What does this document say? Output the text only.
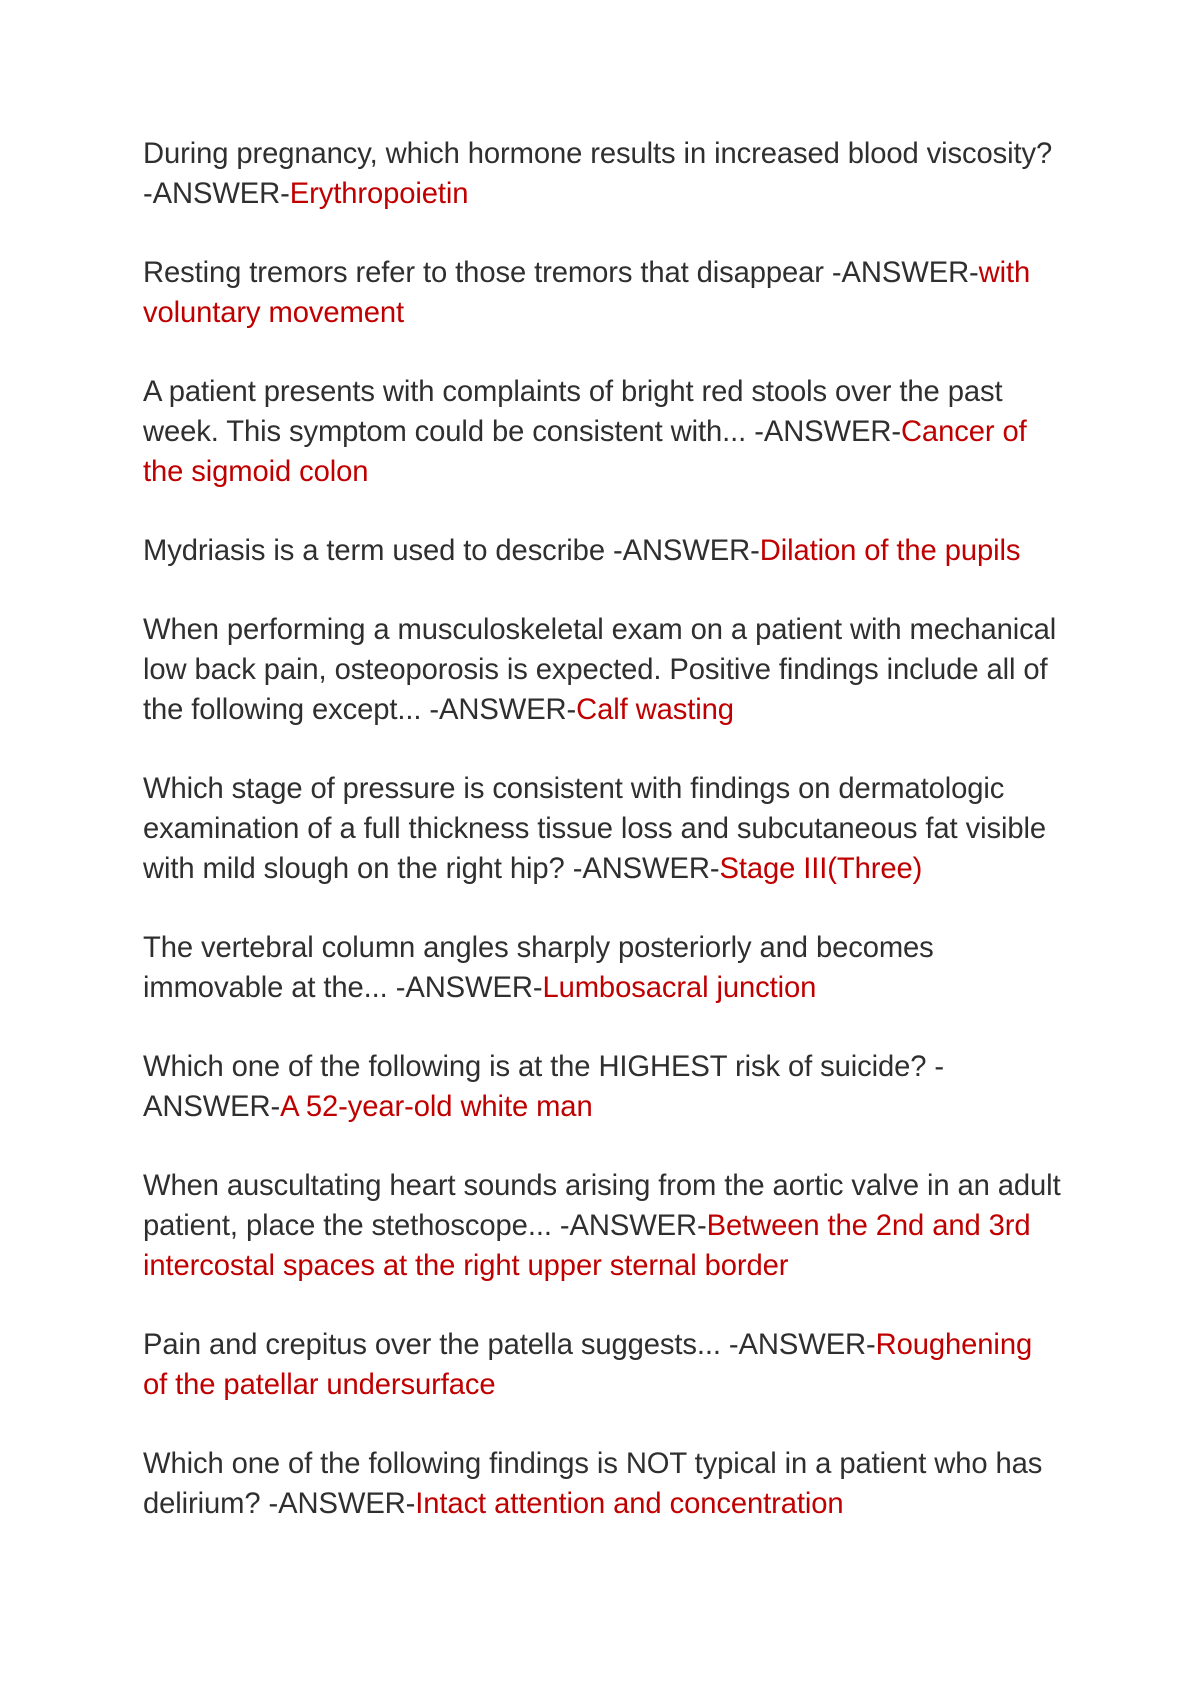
During pregnancy, which hormone results in increased blood viscosity? -ANSWER-Erythropoietin
Resting tremors refer to those tremors that disappear -ANSWER-with voluntary movement
A patient presents with complaints of bright red stools over the past week. This symptom could be consistent with... -ANSWER-Cancer of the sigmoid colon
Mydriasis is a term used to describe -ANSWER-Dilation of the pupils
When performing a musculoskeletal exam on a patient with mechanical low back pain, osteoporosis is expected. Positive findings include all of the following except... -ANSWER-Calf wasting
Which stage of pressure is consistent with findings on dermatologic examination of a full thickness tissue loss and subcutaneous fat visible with mild slough on the right hip? -ANSWER-Stage III(Three)
The vertebral column angles sharply posteriorly and becomes immovable at the... -ANSWER-Lumbosacral junction
Which one of the following is at the HIGHEST risk of suicide? -ANSWER-A 52-year-old white man
When auscultating heart sounds arising from the aortic valve in an adult patient, place the stethoscope... -ANSWER-Between the 2nd and 3rd intercostal spaces at the right upper sternal border
Pain and crepitus over the patella suggests... -ANSWER-Roughening of the patellar undersurface
Which one of the following findings is NOT typical in a patient who has delirium? -ANSWER-Intact attention and concentration
